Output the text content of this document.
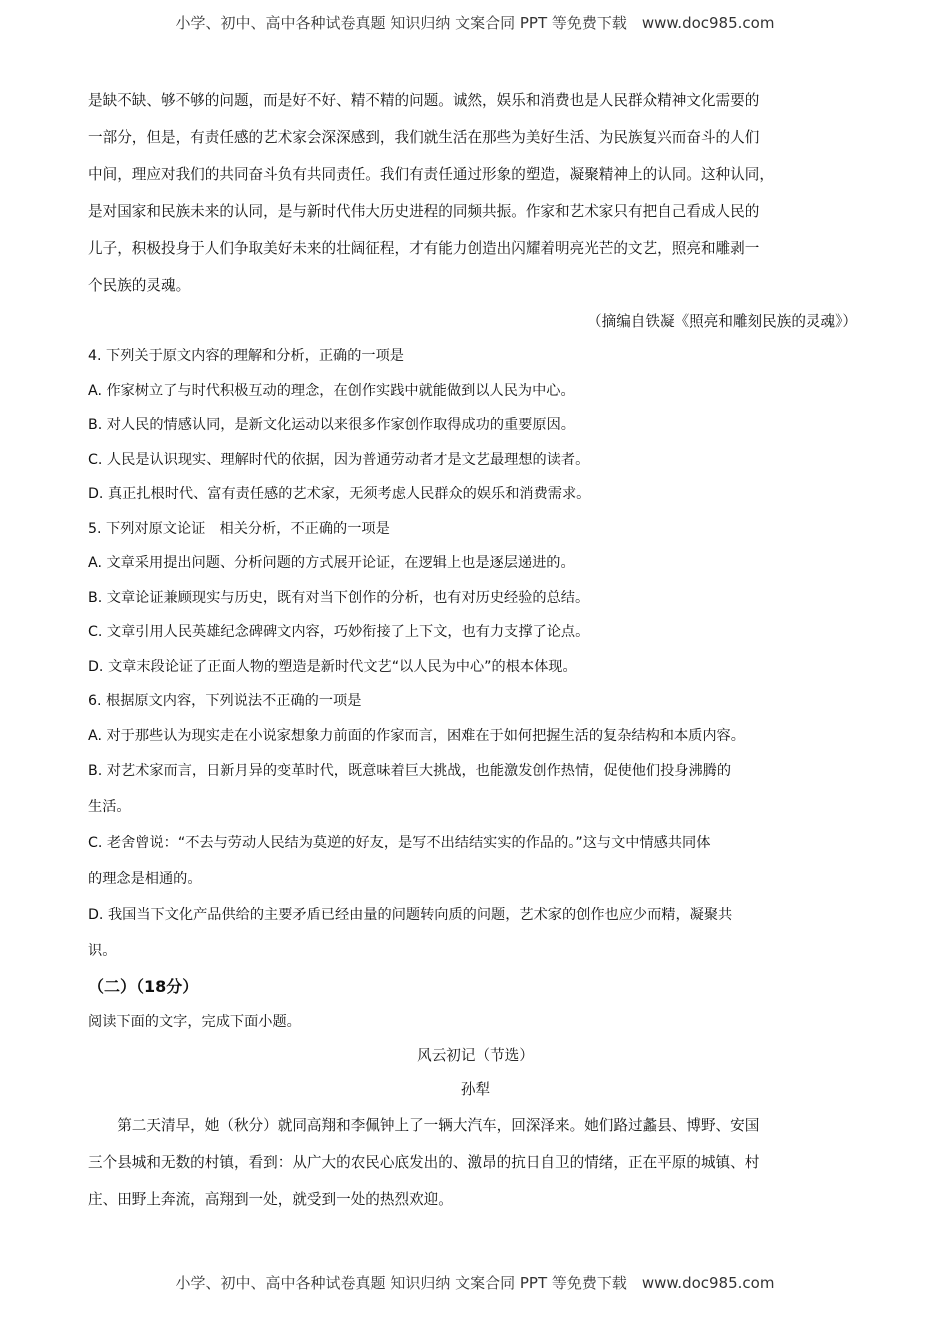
小学、初中、高中各种试卷真题 知识归纳 文案合同 PPT 等免费下载　www.doc985.com

是缺不缺、够不够的问题，而是好不好、精不精的问题。诚然，娱乐和消费也是人民群众精神文化需要的

一部分，但是，有责任感的艺术家会深深感到，我们就生活在那些为美好生活、为民族复兴而奋斗的人们

中间，理应对我们的共同奋斗负有共同责任。我们有责任通过形象的塑造，凝聚精神上的认同。这种认同，

是对国家和民族未来的认同，是与新时代伟大历史进程的同频共振。作家和艺术家只有把自己看成人民的

儿子，积极投身于人们争取美好未来的壮阔征程，才有能力创造出闪耀着明亮光芒的文艺，照亮和雕剥一

个民族的灵魂。

（摘编自铁凝《照亮和雕刻民族的灵魂》）

4. 下列关于原文内容的理解和分析，正确的一项是

A. 作家树立了与时代积极互动的理念，在创作实践中就能做到以人民为中心。

B. 对人民的情感认同，是新文化运动以来很多作家创作取得成功的重要原因。

C. 人民是认识现实、理解时代的依据，因为普通劳动者才是文艺最理想的读者。

D. 真正扎根时代、富有责任感的艺术家，无须考虑人民群众的娱乐和消费需求。

5. 下列对原文论证　相关分析，不正确的一项是

A. 文章采用提出问题、分析问题的方式展开论证，在逻辑上也是逐层递进的。

B. 文章论证兼顾现实与历史，既有对当下创作的分析，也有对历史经验的总结。

C. 文章引用人民英雄纪念碑碑文内容，巧妙衔接了上下文，也有力支撑了论点。

D. 文章末段论证了正面人物的塑造是新时代文艺“以人民为中心”的根本体现。

6. 根据原文内容，下列说法不正确的一项是

A. 对于那些认为现实走在小说家想象力前面的作家而言，困难在于如何把握生活的复杂结构和本质内容。

B. 对艺术家而言，日新月异的变革时代，既意味着巨大挑战，也能激发创作热情，促使他们投身沸腾的

生活。

C. 老舍曾说：“不去与劳动人民结为莫逆的好友，是写不出结结实实的作品的。”这与文中情感共同体

的理念是相通的。

D. 我国当下文化产品供给的主要矛盾已经由量的问题转向质的问题，艺术家的创作也应少而精，凝聚共

识。

（二）（18分）

阅读下面的文字，完成下面小题。

风云初记（节选）

孙犁

第二天清早，她（秋分）就同高翔和李佩钟上了一辆大汽车，回深泽来。她们路过蠡县、博野、安国

三个县城和无数的村镇，看到：从广大的农民心底发出的、激昂的抗日自卫的情绪，正在平原的城镇、村

庄、田野上奔流，高翔到一处，就受到一处的热烈欢迎。

小学、初中、高中各种试卷真题 知识归纳 文案合同 PPT 等免费下载　www.doc985.com
